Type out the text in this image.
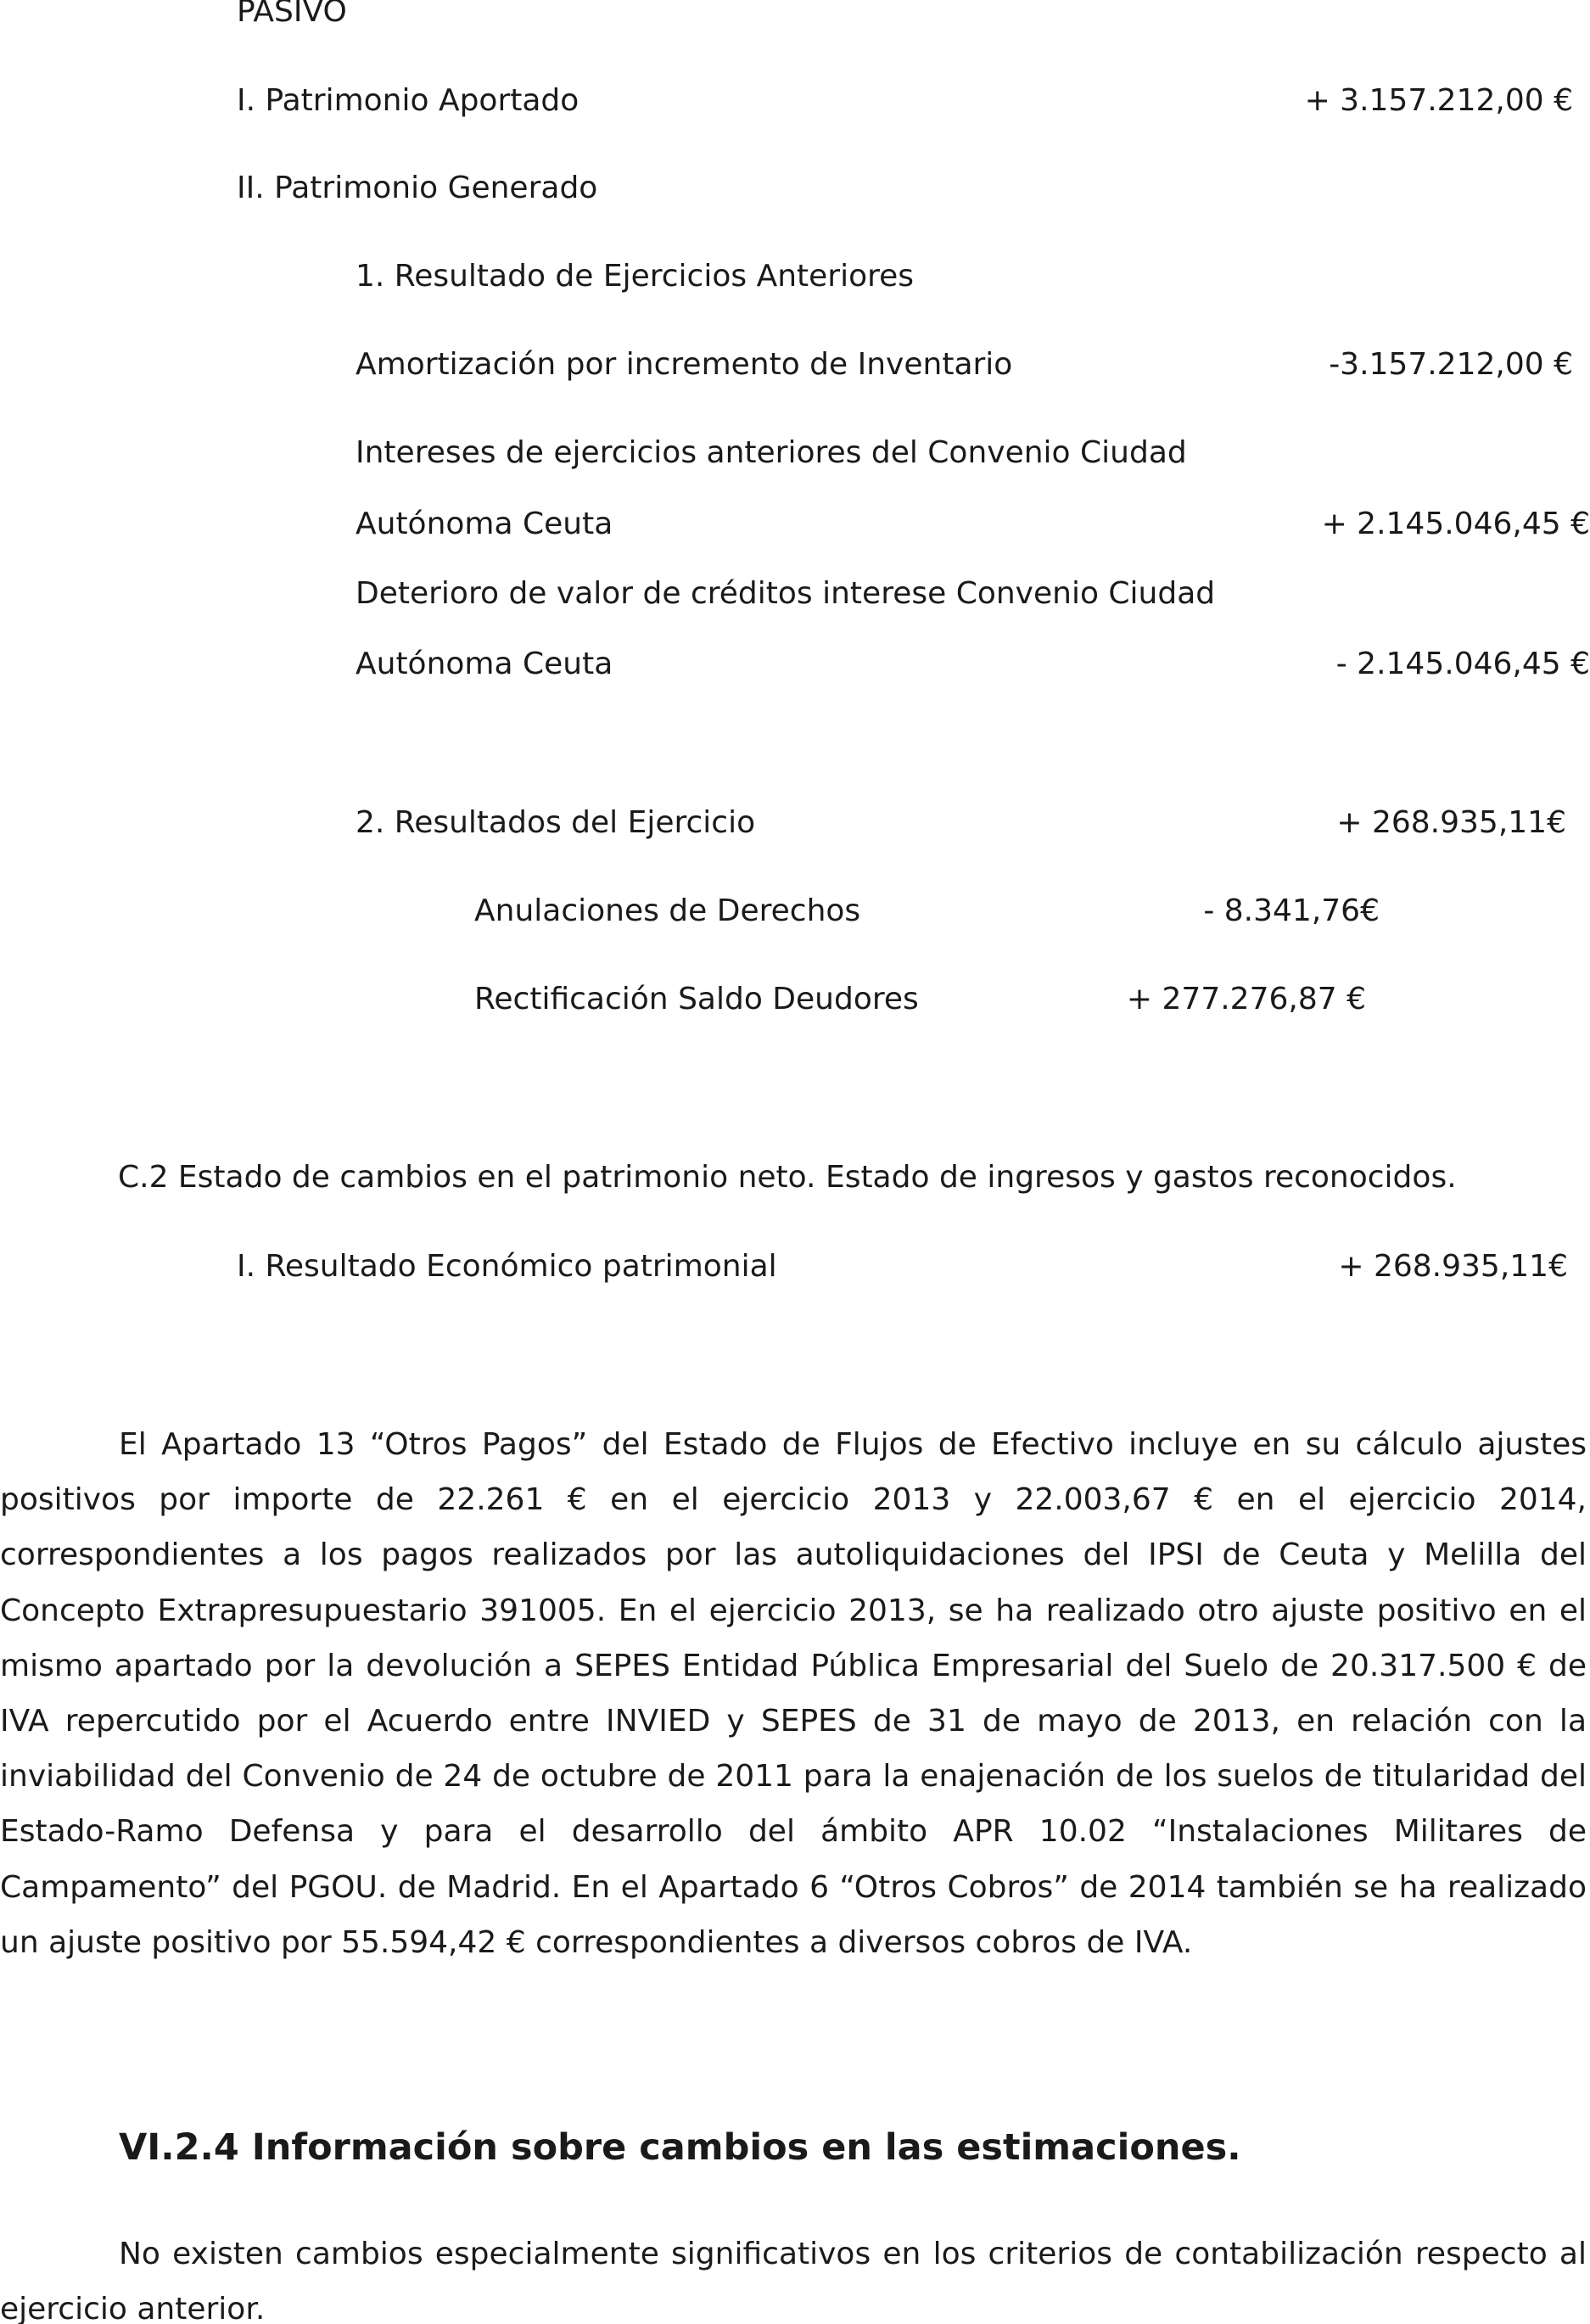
PASIVO
I. Patrimonio Aportado	+ 3.157.212,00 €
II. Patrimonio Generado
1. Resultado de Ejercicios Anteriores
Amortización por incremento de Inventario	-3.157.212,00 €
Intereses de ejercicios anteriores del Convenio Ciudad
Autónoma Ceuta	+ 2.145.046,45 €
Deterioro de valor de créditos interese Convenio Ciudad
Autónoma Ceuta	- 2.145.046,45 €
2. Resultados del Ejercicio	+ 268.935,11€
Anulaciones de Derechos	- 8.341,76€
Rectificación Saldo Deudores	+ 277.276,87 €
C.2 Estado de cambios en el patrimonio neto. Estado de ingresos y gastos reconocidos.
I. Resultado Económico patrimonial	+ 268.935,11€

El Apartado 13 “Otros Pagos” del Estado de Flujos de Efectivo incluye en su cálculo ajustes positivos por importe de 22.261 € en el ejercicio 2013 y 22.003,67 € en el ejercicio 2014, correspondientes a los pagos realizados por las autoliquidaciones del IPSI de Ceuta y Melilla del Concepto Extrapresupuestario 391005. En el ejercicio 2013, se ha realizado otro ajuste positivo en el mismo apartado por la devolución a SEPES Entidad Pública Empresarial del Suelo de 20.317.500 € de IVA repercutido por el Acuerdo entre INVIED y SEPES de 31 de mayo de 2013, en relación con la inviabilidad del Convenio de 24 de octubre de 2011 para la enajenación de los suelos de titularidad del Estado-Ramo Defensa y para el desarrollo del ámbito APR 10.02 “Instalaciones Militares de Campamento” del PGOU. de Madrid. En el Apartado 6 “Otros Cobros” de 2014 también se ha realizado un ajuste positivo por 55.594,42 € correspondientes a diversos cobros de IVA.

VI.2.4 Información sobre cambios en las estimaciones.

No existen cambios especialmente significativos en los criterios de contabilización respecto al ejercicio anterior.
